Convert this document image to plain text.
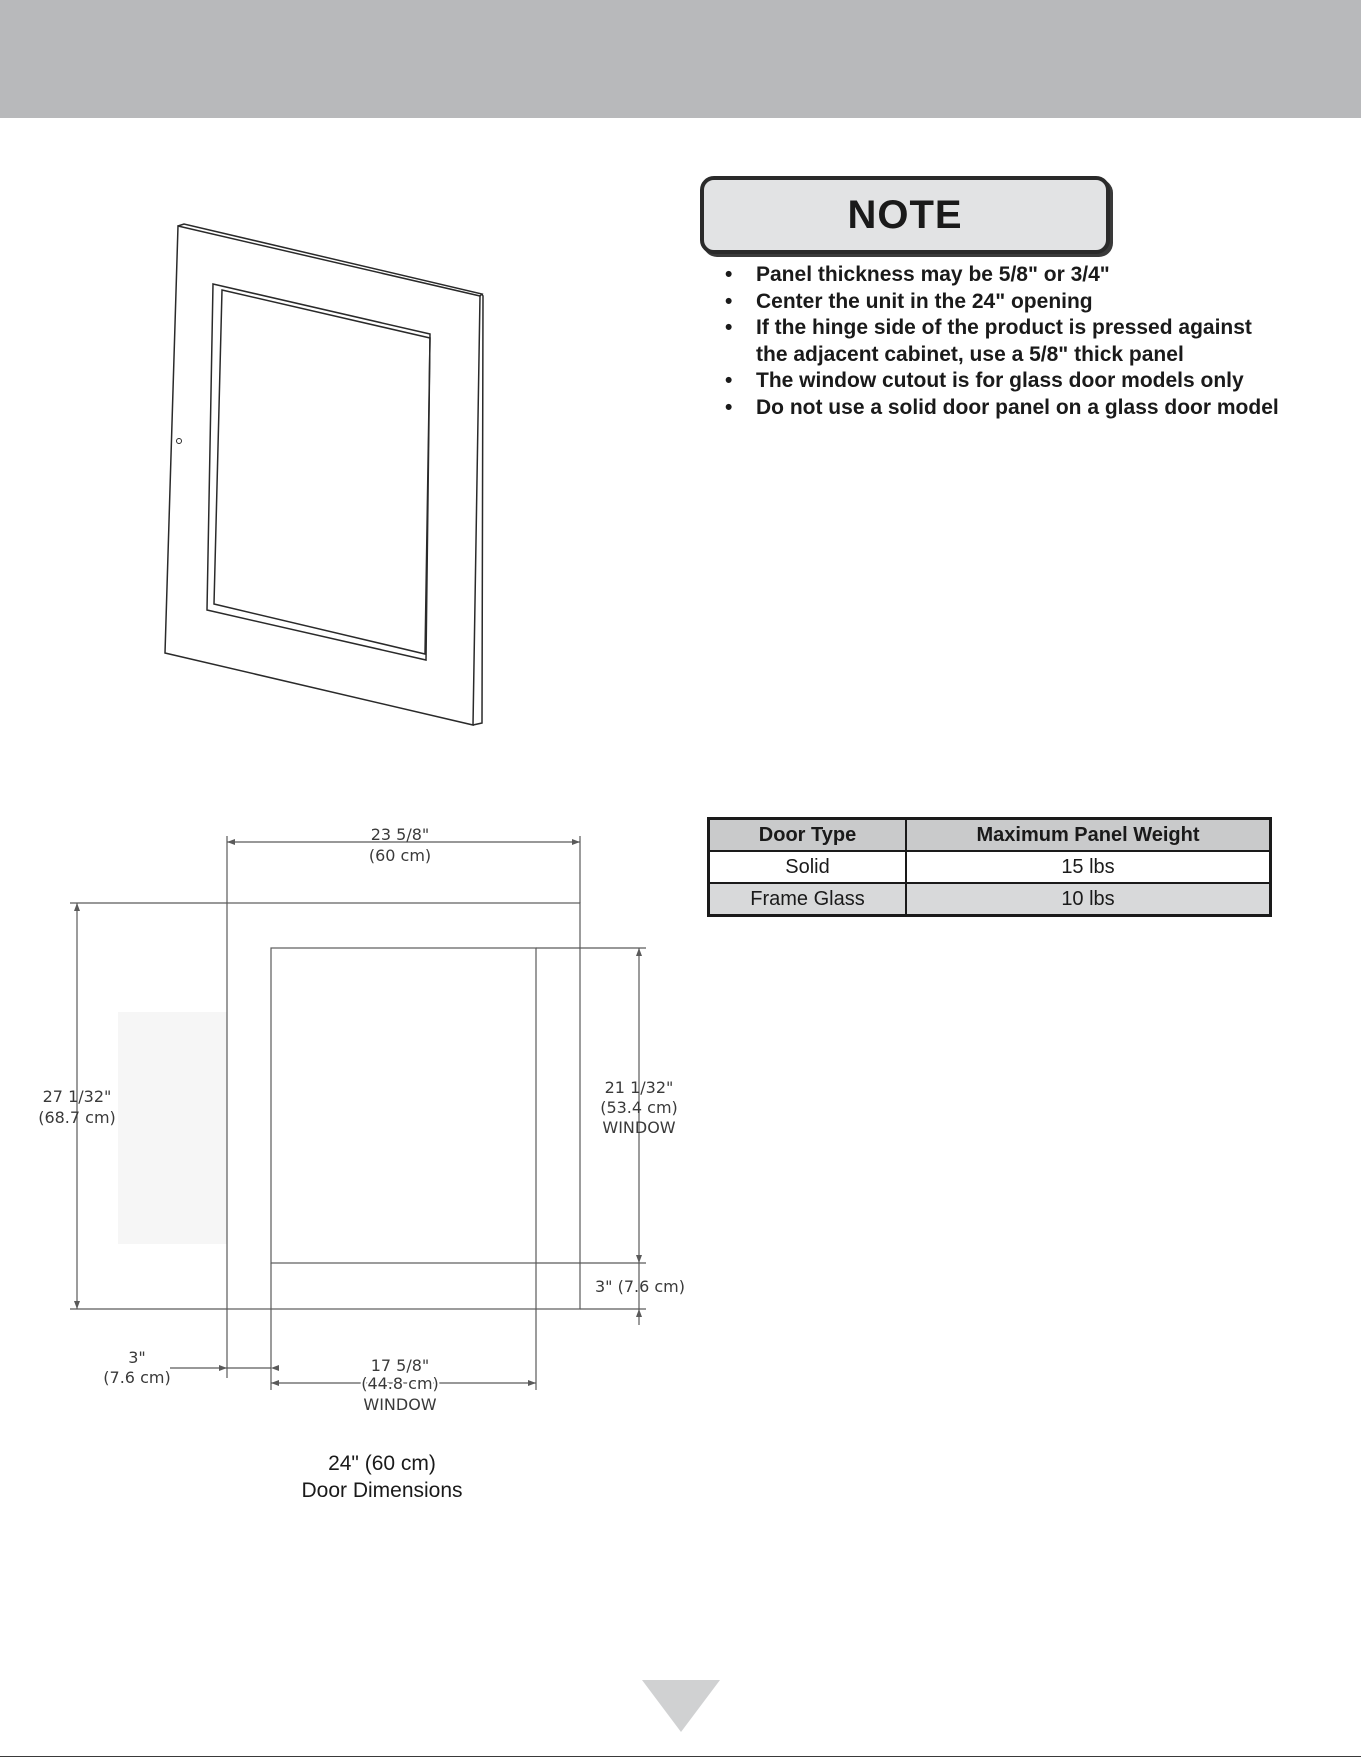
23 5/8"
(60 cm)
27 1/32"
(68.7 cm)
21 1/32"
(53.4 cm)
WINDOW
3" (7.6 cm)
3"
(7.6 cm)
17 5/8"
(44.8 cm)
WINDOW
NOTE
• Panel thickness may be 5/8" or 3/4"
• Center the unit in the 24" opening
• If the hinge side of the product is pressed against the adjacent cabinet, use a 5/8" thick panel
• The window cutout is for glass door models only
• Do not use a solid door panel on a glass door model
Door Type	Maximum Panel Weight
Solid	15 lbs
Frame Glass	10 lbs
24" (60 cm)
Door Dimensions
